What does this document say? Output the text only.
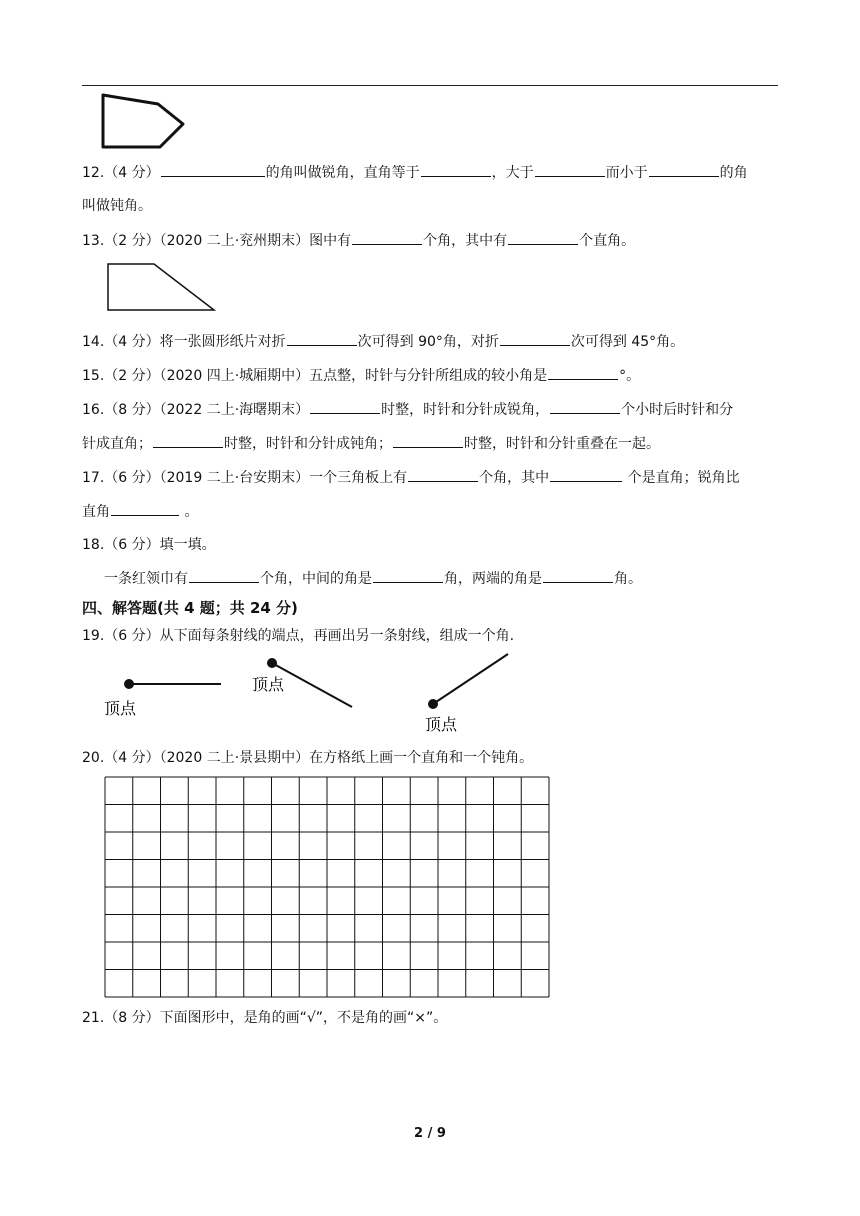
12.（4 分）	的角叫做锐角，直角等于	，大于	而小于	的角
叫做钝角。
13.（2 分）（2020 二上·兖州期末）图中有	个角，其中有	个直角。
14.（4 分）将一张圆形纸片对折	次可得到 90°角，对折	次可得到 45°角。
15.（2 分）（2020 四上·城厢期中）五点整，时针与分针所组成的较小角是	°。
16.（8 分）（2022 二上·海曙期末）	时整，时针和分针成锐角，	个小时后时针和分
针成直角；	时整，时针和分针成钝角；	时整，时针和分针重叠在一起。
17.（6 分）（2019 二上·台安期末）一个三角板上有	个角，其中	个是直角；锐角比
直角	。
18.（6 分）填一填。
一条红领巾有	个角，中间的角是	角，两端的角是	角。
四、解答题(共 4 题；共 24 分)
19.（6 分）从下面每条射线的端点，再画出另一条射线，组成一个角.
顶点
顶点
顶点
20.（4 分）（2020 二上·景县期中）在方格纸上画一个直角和一个钝角。
21.（8 分）下面图形中，是角的画“√”，不是角的画“×”。
2 / 9
